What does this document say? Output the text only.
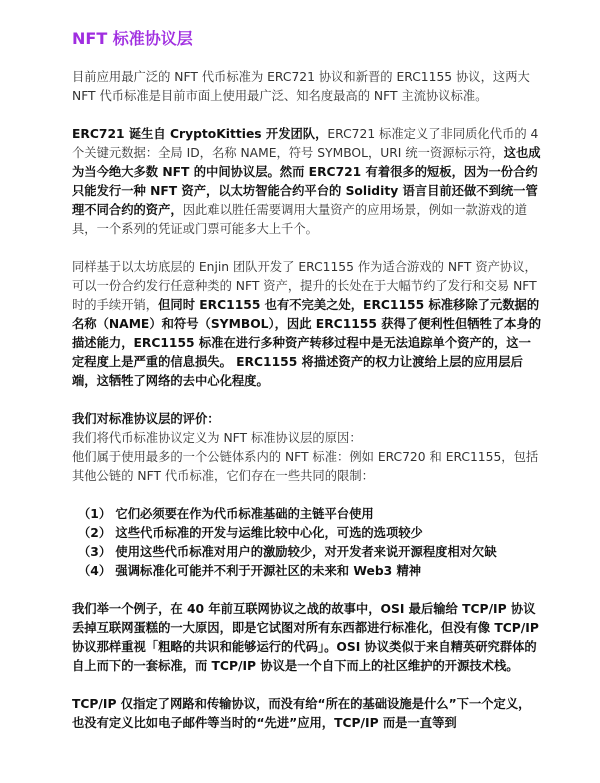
NFT 标准协议层

目前应用最广泛的 NFT 代币标准为 ERC721 协议和新晋的 ERC1155 协议，这两大 NFT 代币标准是目前市面上使用最广泛、知名度最高的 NFT 主流协议标准。

ERC721 诞生自 CryptoKitties 开发团队，ERC721 标准定义了非同质化代币的 4 个关键元数据：全局 ID，名称 NAME，符号 SYMBOL，URI 统一资源标示符，这也成为当今绝大多数 NFT 的中间协议层。然而 ERC721 有着很多的短板，因为一份合约只能发行一种 NFT 资产，以太坊智能合约平台的 Solidity 语言目前还做不到统一管理不同合约的资产，因此难以胜任需要调用大量资产的应用场景，例如一款游戏的道具，一个系列的凭证或门票可能多大上千个。

同样基于以太坊底层的 Enjin 团队开发了 ERC1155 作为适合游戏的 NFT 资产协议，可以一份合约发行任意种类的 NFT 资产，提升的长处在于大幅节约了发行和交易 NFT 时的手续开销，但同时 ERC1155 也有不完美之处，ERC1155 标准移除了元数据的名称（NAME）和符号（SYMBOL），因此 ERC1155 获得了便利性但牺牲了本身的描述能力，ERC1155 标准在进行多种资产转移过程中是无法追踪单个资产的，这一定程度上是严重的信息损失。 ERC1155 将描述资产的权力让渡给上层的应用层后端，这牺牲了网络的去中心化程度。

我们对标准协议层的评价：
我们将代币标准协议定义为 NFT 标准协议层的原因：
他们属于使用最多的一个公链体系内的 NFT 标准：例如 ERC720 和 ERC1155，包括其他公链的 NFT 代币标准，它们存在一些共同的限制：

（1） 它们必须要在作为代币标准基础的主链平台使用
（2） 这些代币标准的开发与运维比较中心化，可选的选项较少
（3） 使用这些代币标准对用户的激励较少，对开发者来说开源程度相对欠缺
（4） 强调标准化可能并不利于开源社区的未来和 Web3 精神

我们举一个例子，在 40 年前互联网协议之战的故事中，OSI 最后输给 TCP/IP 协议丢掉互联网蛋糕的一大原因，即是它试图对所有东西都进行标准化，但没有像 TCP/IP 协议那样重视「粗略的共识和能够运行的代码」。OSI 协议类似于来自精英研究群体的自上而下的一套标准，而 TCP/IP 协议是一个自下而上的社区维护的开源技术栈。

TCP/IP 仅指定了网路和传输协议，而没有给“所在的基础设施是什么”下一个定义，也没有定义比如电子邮件等当时的“先进”应用，TCP/IP 而是一直等到
